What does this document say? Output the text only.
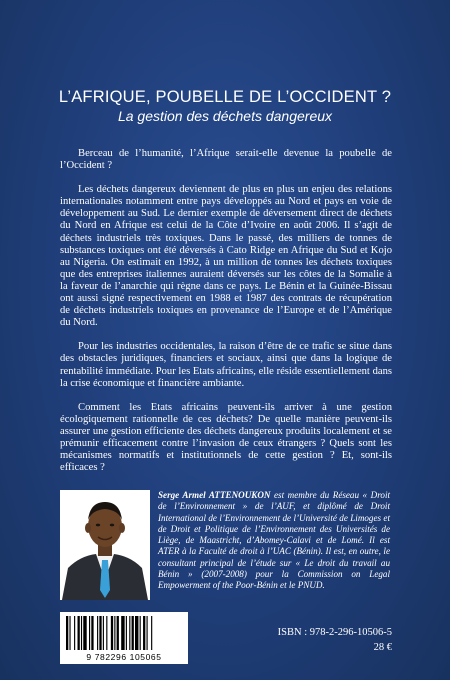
L’AFRIQUE, POUBELLE DE L’OCCIDENT ?
La gestion des déchets dangereux

Berceau de l’humanité, l’Afrique serait-elle devenue la poubelle de l’Occident ?

Les déchets dangereux deviennent de plus en plus un enjeu des relations internationales notamment entre pays développés au Nord et pays en voie de développement au Sud. Le dernier exemple de déversement direct de déchets du Nord en Afrique est celui de la Côte d’Ivoire en août 2006. Il s’agit de déchets industriels très toxiques. Dans le passé, des milliers de tonnes de substances toxiques ont été déversés à Cato Ridge en Afrique du Sud et Kojo au Nigeria. On estimait en 1992, à un million de tonnes les déchets toxiques que des entreprises italiennes auraient déversés sur les côtes de la Somalie à la faveur de l’anarchie qui règne dans ce pays. Le Bénin et la Guinée-Bissau ont aussi signé respectivement en 1988 et 1987 des contrats de récupération de déchets industriels toxiques en provenance de l’Europe et de l’Amérique du Nord.

Pour les industries occidentales, la raison d’être de ce trafic se situe dans des obstacles juridiques, financiers et sociaux, ainsi que dans la logique de rentabilité immédiate. Pour les Etats africains, elle réside essentiellement dans la crise économique et financière ambiante.

Comment les Etats africains peuvent-ils arriver à une gestion écologiquement rationnelle de ces déchets? De quelle manière peuvent-ils assurer une gestion efficiente des déchets dangereux produits localement et se prémunir efficacement contre l’invasion de ceux étrangers ? Quels sont les mécanismes normatifs et institutionnels de cette gestion ? Et, sont-ils efficaces ?

Serge Armel ATTENOUKON est membre du Réseau « Droit de l’Environnement » de l’AUF, et diplômé de Droit International de l’Environnement de l’Université de Limoges et de Droit et Politique de l’Environnement des Universités de Liège, de Maastricht, d’Abomey-Calavi et de Lomé. Il est ATER à la Faculté de droit à l’UAC (Bénin). Il est, en outre, le consultant principal de l’étude sur « Le droit du travail au Bénin » (2007-2008) pour la Commission on Legal Empowerment of the Poor-Bénin et le PNUD.
9 782296 105065
ISBN : 978-2-296-10506-5
28 €
